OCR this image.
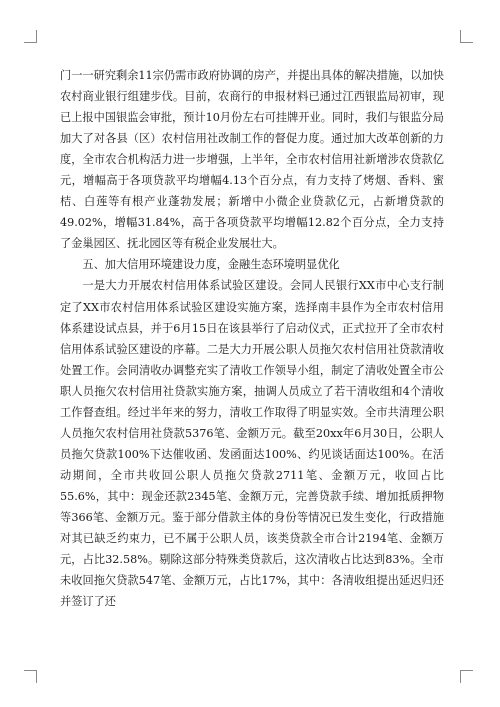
门一一研究剩余11宗仍需市政府协调的房产，并提出具体的解决措施，以加快农村商业银行组建步伐。目前，农商行的申报材料已通过江西银监局初审，现已上报中国银监会审批，预计10月份左右可挂牌开业。同时，我们与银监分局加大了对各县（区）农村信用社改制工作的督促力度。通过加大改革创新的力度，全市农合机构活力进一步增强，上半年，全市农村信用社新增涉农贷款亿元，增幅高于各项贷款平均增幅4.13个百分点，有力支持了烤烟、香料、蜜桔、白莲等有根产业蓬勃发展；新增中小微企业贷款亿元，占新增贷款的49.02%，增幅31.84%，高于各项贷款平均增幅12.82个百分点，全力支持了金巢园区、抚北园区等有税企业发展壮大。

五、加大信用环境建设力度，金融生态环境明显优化

一是大力开展农村信用体系试验区建设。会同人民银行XX市中心支行制定了XX市农村信用体系试验区建设实施方案，选择南丰县作为全市农村信用体系建设试点县，并于6月15日在该县举行了启动仪式，正式拉开了全市农村信用体系试验区建设的序幕。二是大力开展公职人员拖欠农村信用社贷款清收处置工作。会同清收办调整充实了清收工作领导小组，制定了清收处置全市公职人员拖欠农村信用社贷款实施方案，抽调人员成立了若干清收组和4个清收工作督查组。经过半年来的努力，清收工作取得了明显实效。全市共清理公职人员拖欠农村信用社贷款5376笔、金额万元。截至20xx年6月30日，公职人员拖欠贷款100%下达催收函、发函面达100%、约见谈话面达100%。在活动期间，全市共收回公职人员拖欠贷款2711笔、金额万元，收回占比55.6%，其中：现金还款2345笔、金额万元，完善贷款手续、增加抵质押物等366笔、金额万元。鉴于部分借款主体的身份等情况已发生变化，行政措施对其已缺乏约束力，已不属于公职人员，该类贷款全市合计2194笔、金额万元，占比32.58%。剔除这部分特殊类贷款后，这次清收占比达到83%。全市未收回拖欠贷款547笔、金额万元，占比17%，其中：各清收组提出延迟归还并签订了还
